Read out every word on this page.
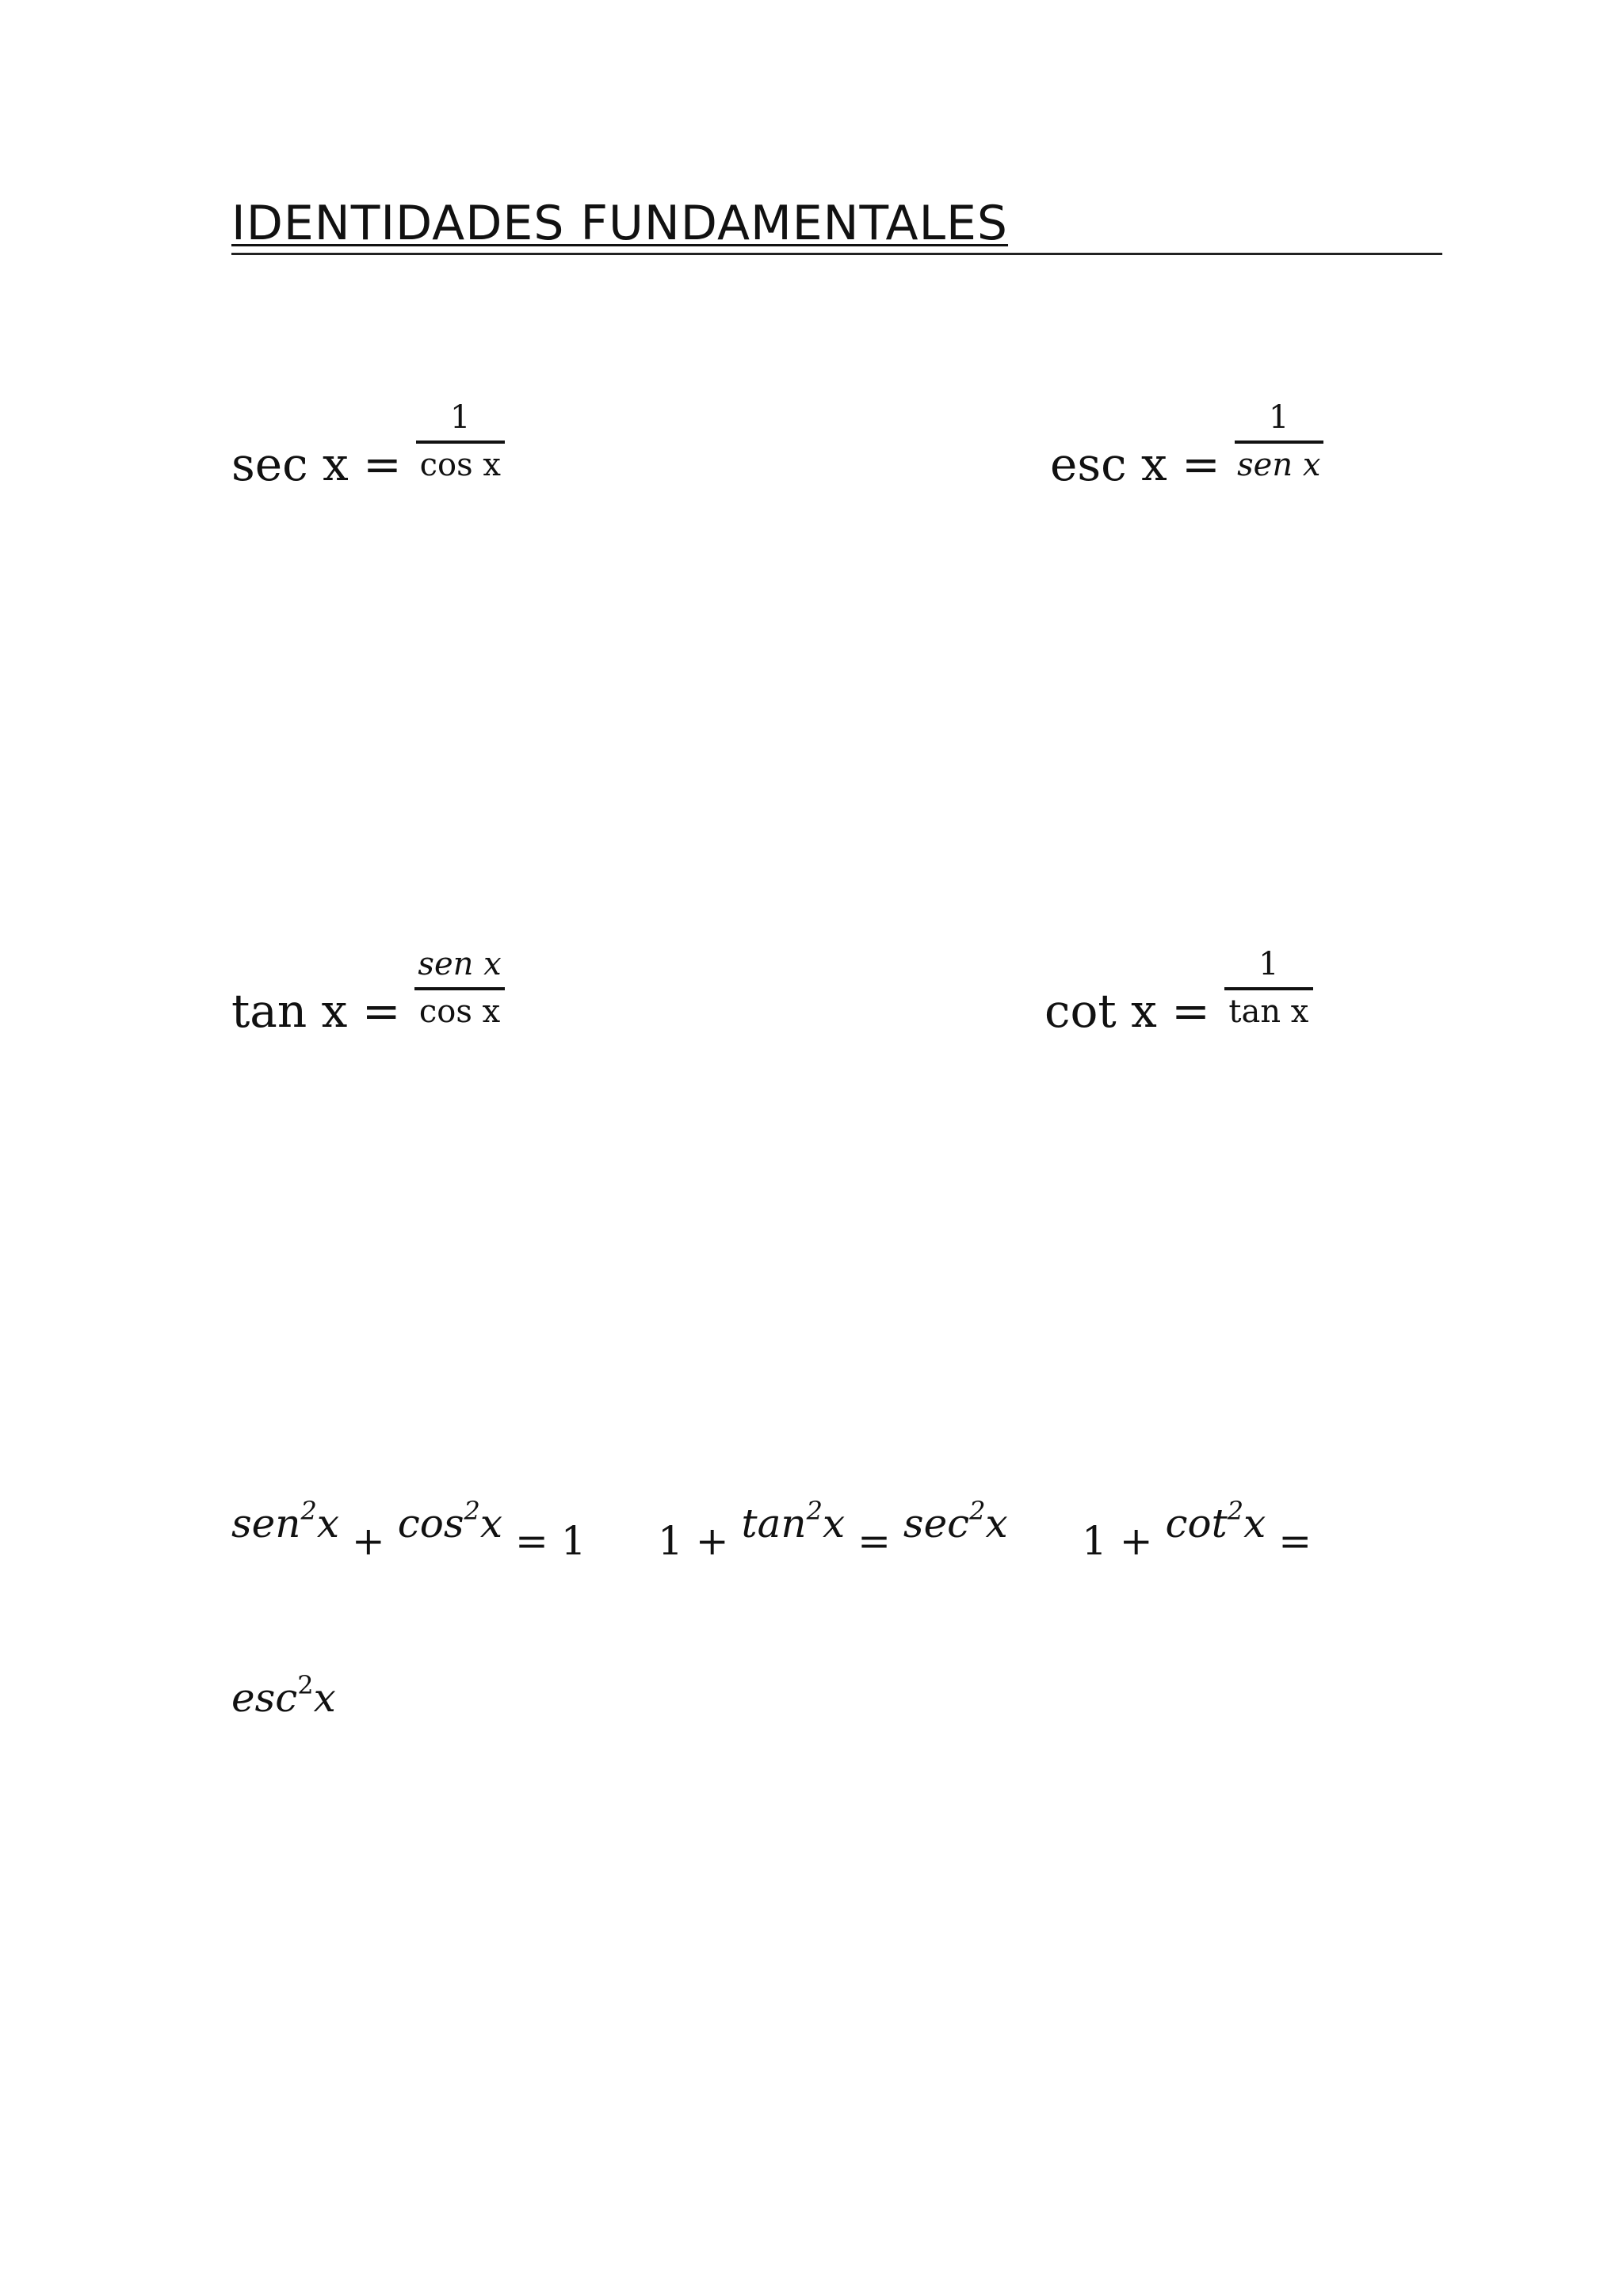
IDENTIDADES FUNDAMENTALES
$\sec x = \frac{1}{\text{cos x}}$	esc $x = \frac{1}{\text{sen x}}$
$\tan x = \frac{\text{sen x}}{\text{cos x}}$	$\cot x = \frac{1}{\text{tan x}}$
$sen^2x + \cos^2x = 1$ $1 + \tan^2x = \sec^2x$ $1 + \cot^2x$ =
esc$^2$x
